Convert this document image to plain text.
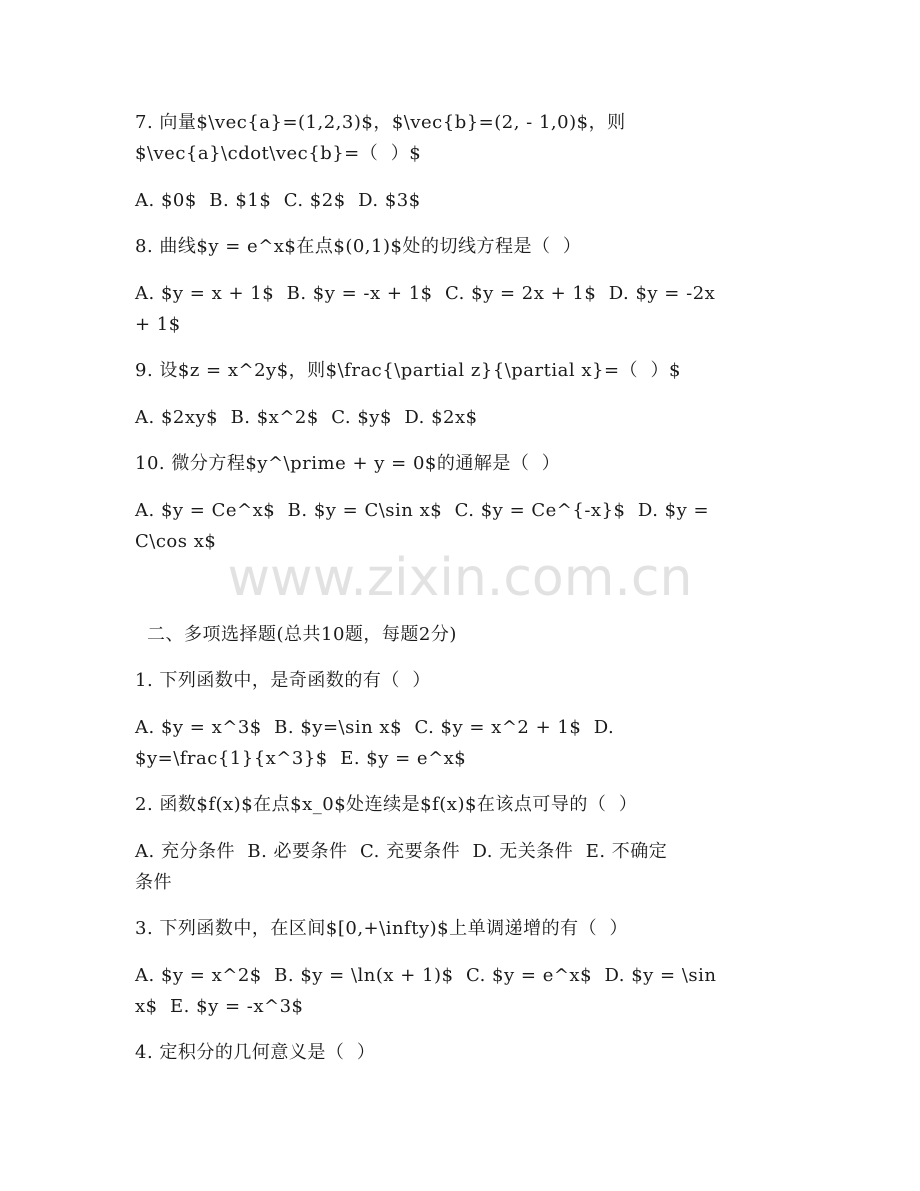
www.zixin.com.cn
7. 向量$\vec{a}=(1,2,3)$，$\vec{b}=(2, - 1,0)$，则
$\vec{a}\cdot\vec{b}=（  ）$
A. $0$  B. $1$  C. $2$  D. $3$
8. 曲线$y = e^x$在点$(0,1)$处的切线方程是（  ）
A. $y = x + 1$  B. $y = -x + 1$  C. $y = 2x + 1$  D. $y = -2x
+ 1$
9. 设$z = x^2y$，则$\frac{\partial z}{\partial x}=（  ）$
A. $2xy$  B. $x^2$  C. $y$  D. $2x$
10. 微分方程$y^\prime + y = 0$的通解是（  ）
A. $y = Ce^x$  B. $y = C\sin x$  C. $y = Ce^{-x}$  D. $y =
C\cos x$
二、多项选择题(总共10题，每题2分)
1. 下列函数中，是奇函数的有（  ）
A. $y = x^3$  B. $y=\sin x$  C. $y = x^2 + 1$  D.
$y=\frac{1}{x^3}$  E. $y = e^x$
2. 函数$f(x)$在点$x_0$处连续是$f(x)$在该点可导的（  ）
A. 充分条件  B. 必要条件  C. 充要条件  D. 无关条件  E. 不确定
条件
3. 下列函数中，在区间$[0,+\infty)$上单调递增的有（  ）
A. $y = x^2$  B. $y = \ln(x + 1)$  C. $y = e^x$  D. $y = \sin
x$  E. $y = -x^3$
4. 定积分的几何意义是（  ）
